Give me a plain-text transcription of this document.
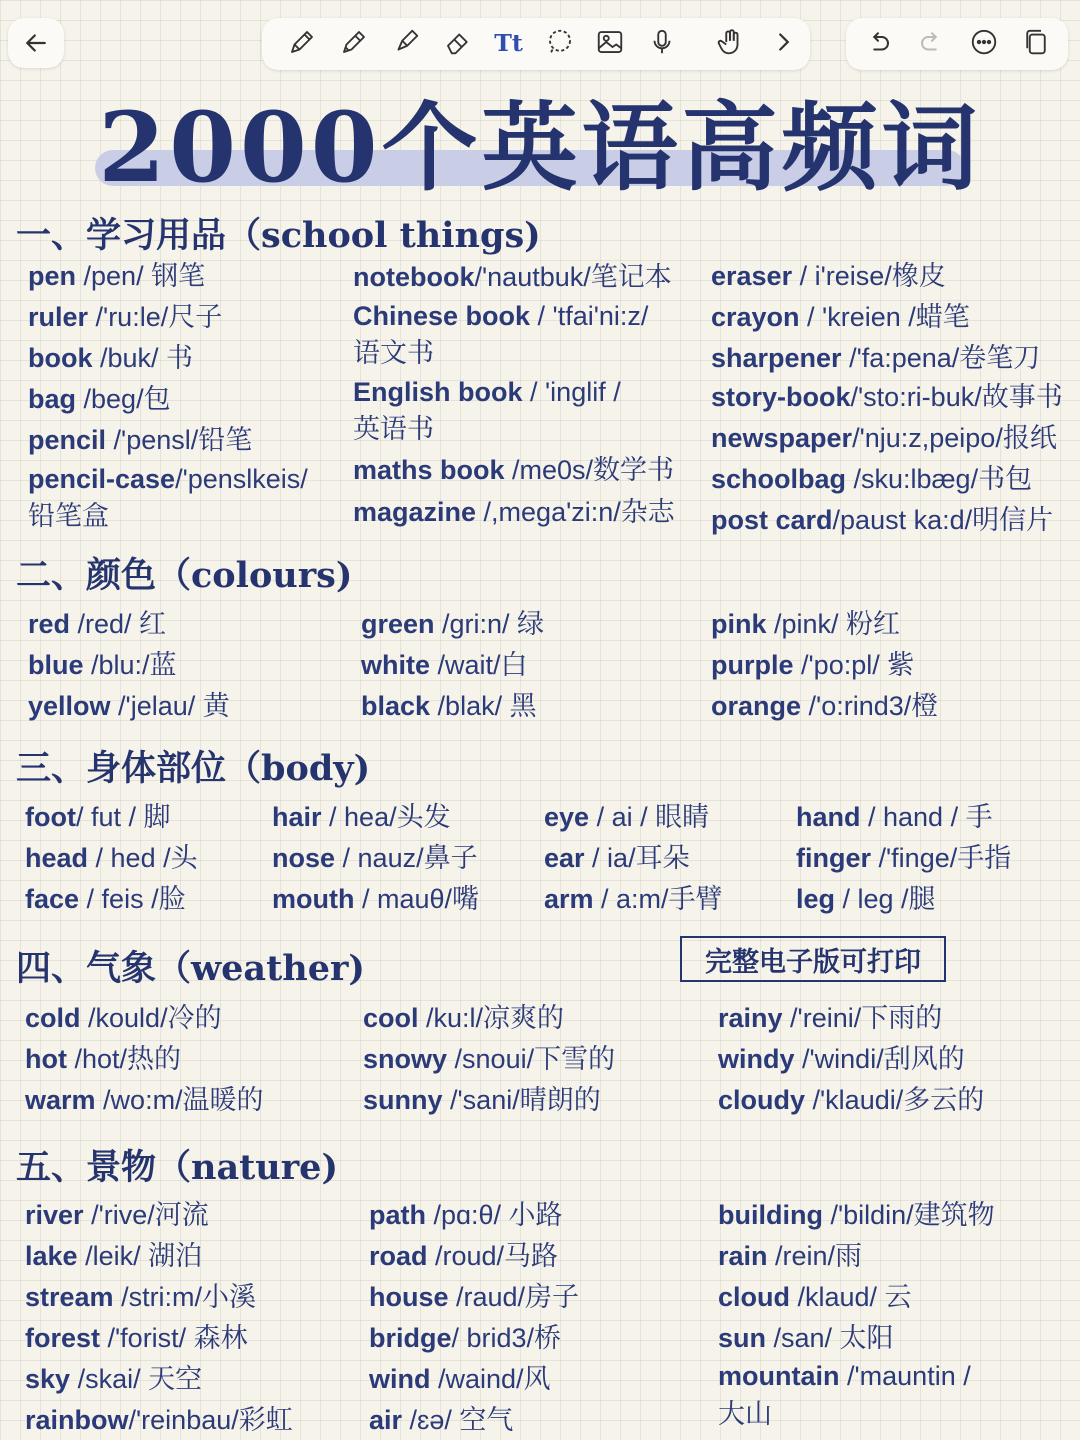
Tt
2000个英语高频词
一、学习用品（school things)
pen /pen/ 钢笔
ruler /'ru:le/尺子
book /buk/ 书
bag /beg/包
pencil /'pensl/铅笔
pencil-case/'penslkeis/
铅笔盒
notebook/'nautbuk/笔记本
Chinese book / 'tfai'ni:z/
语文书
English book / 'inglif /
英语书
maths book /me0s/数学书
magazine /,mega'zi:n/杂志
eraser / i'reise/橡皮
crayon / 'kreien /蜡笔
sharpener /'fa:pena/卷笔刀
story-book/'sto:ri-buk/故事书
newspaper/'nju:z,peipo/报纸
schoolbag /sku:lbæg/书包
post card/paust ka:d/明信片
二、颜色（colours)
red /red/ 红
blue /blu:/蓝
yellow /'jelau/ 黄
green /gri:n/ 绿
white /wait/白
black /blak/ 黑
pink /pink/ 粉红
purple /'po:pl/ 紫
orange /'o:rind3/橙
三、身体部位（body)
foot/ fut / 脚
head / hed /头
face / feis /脸
hair / hea/头发
nose / nauz/鼻子
mouth / mauθ/嘴
eye / ai / 眼睛
ear / ia/耳朵
arm / a:m/手臂
hand / hand / 手
finger /'finge/手指
leg / leg /腿
四、气象（weather)	完整电子版可打印
cold /kould/冷的
hot /hot/热的
warm /wo:m/温暖的
cool /ku:l/凉爽的
snowy /snoui/下雪的
sunny /'sani/晴朗的
rainy /'reini/下雨的
windy /'windi/刮风的
cloudy /'klaudi/多云的
五、景物（nature)
river /'rive/河流
lake /leik/ 湖泊
stream /stri:m/小溪
forest /'forist/ 森林
sky /skai/ 天空
rainbow/'reinbau/彩虹
path /pɑ:θ/ 小路
road /roud/马路
house /raud/房子
bridge/ brid3/桥
wind /waind/风
air /ɛə/ 空气
building /'bildin/建筑物
rain /rein/雨
cloud /klaud/ 云
sun /san/ 太阳
mountain /'mauntin /
大山
